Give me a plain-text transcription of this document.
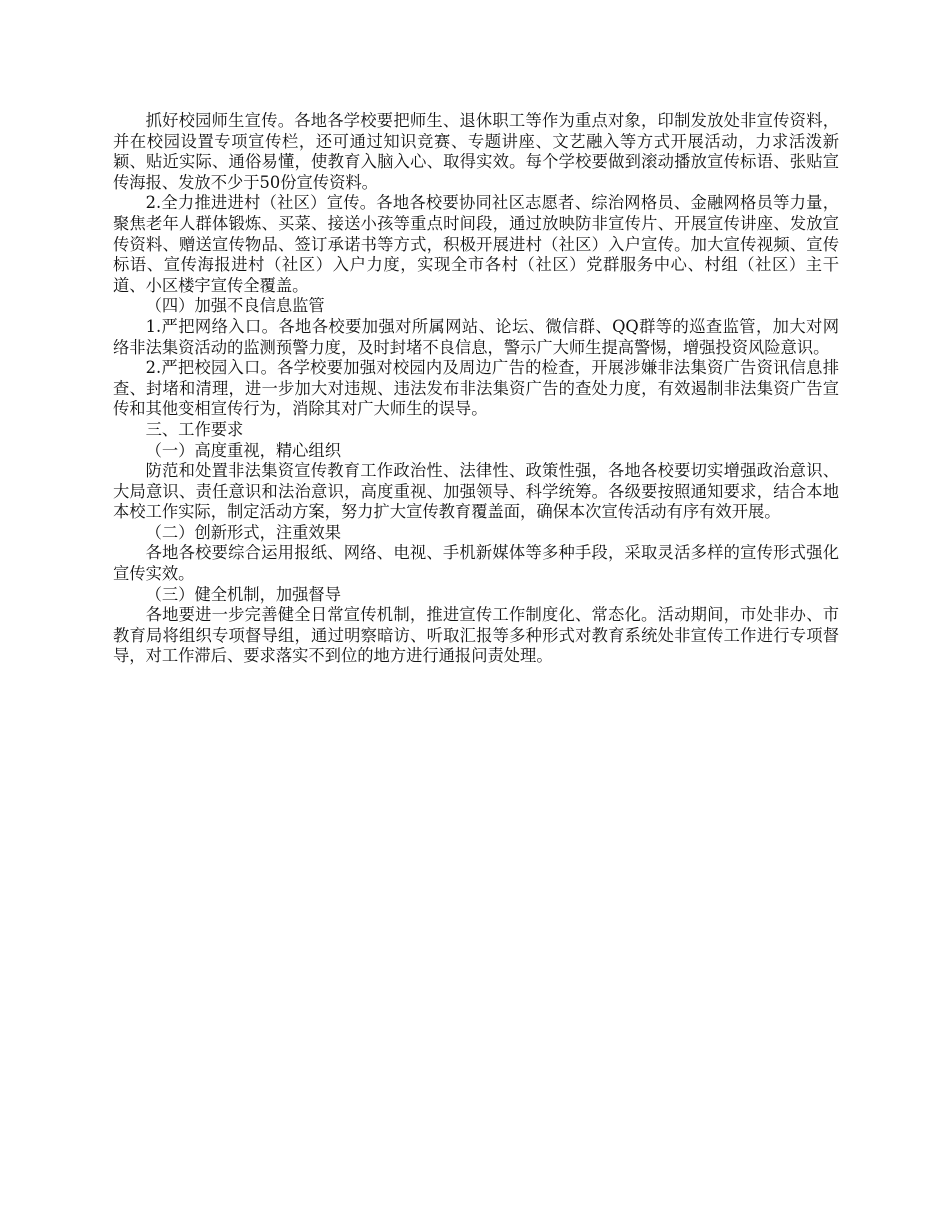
抓好校园师生宣传。各地各学校要把师生、退休职工等作为重点对象，印制发放处非宣传资料，并在校园设置专项宣传栏，还可通过知识竞赛、专题讲座、文艺融入等方式开展活动，力求活泼新颖、贴近实际、通俗易懂，使教育入脑入心、取得实效。每个学校要做到滚动播放宣传标语、张贴宣传海报、发放不少于50份宣传资料。

2.全力推进进村（社区）宣传。各地各校要协同社区志愿者、综治网格员、金融网格员等力量，聚焦老年人群体锻炼、买菜、接送小孩等重点时间段，通过放映防非宣传片、开展宣传讲座、发放宣传资料、赠送宣传物品、签订承诺书等方式，积极开展进村（社区）入户宣传。加大宣传视频、宣传标语、宣传海报进村（社区）入户力度，实现全市各村（社区）党群服务中心、村组（社区）主干道、小区楼宇宣传全覆盖。

（四）加强不良信息监管

1.严把网络入口。各地各校要加强对所属网站、论坛、微信群、QQ群等的巡查监管，加大对网络非法集资活动的监测预警力度，及时封堵不良信息，警示广大师生提高警惕，增强投资风险意识。

2.严把校园入口。各学校要加强对校园内及周边广告的检查，开展涉嫌非法集资广告资讯信息排查、封堵和清理，进一步加大对违规、违法发布非法集资广告的查处力度，有效遏制非法集资广告宣传和其他变相宣传行为，消除其对广大师生的误导。

三、工作要求

（一）高度重视，精心组织

防范和处置非法集资宣传教育工作政治性、法律性、政策性强，各地各校要切实增强政治意识、大局意识、责任意识和法治意识，高度重视、加强领导、科学统筹。各级要按照通知要求，结合本地本校工作实际，制定活动方案，努力扩大宣传教育覆盖面，确保本次宣传活动有序有效开展。

（二）创新形式，注重效果

各地各校要综合运用报纸、网络、电视、手机新媒体等多种手段，采取灵活多样的宣传形式强化宣传实效。

（三）健全机制，加强督导

各地要进一步完善健全日常宣传机制，推进宣传工作制度化、常态化。活动期间，市处非办、市教育局将组织专项督导组，通过明察暗访、听取汇报等多种形式对教育系统处非宣传工作进行专项督导，对工作滞后、要求落实不到位的地方进行通报问责处理。
